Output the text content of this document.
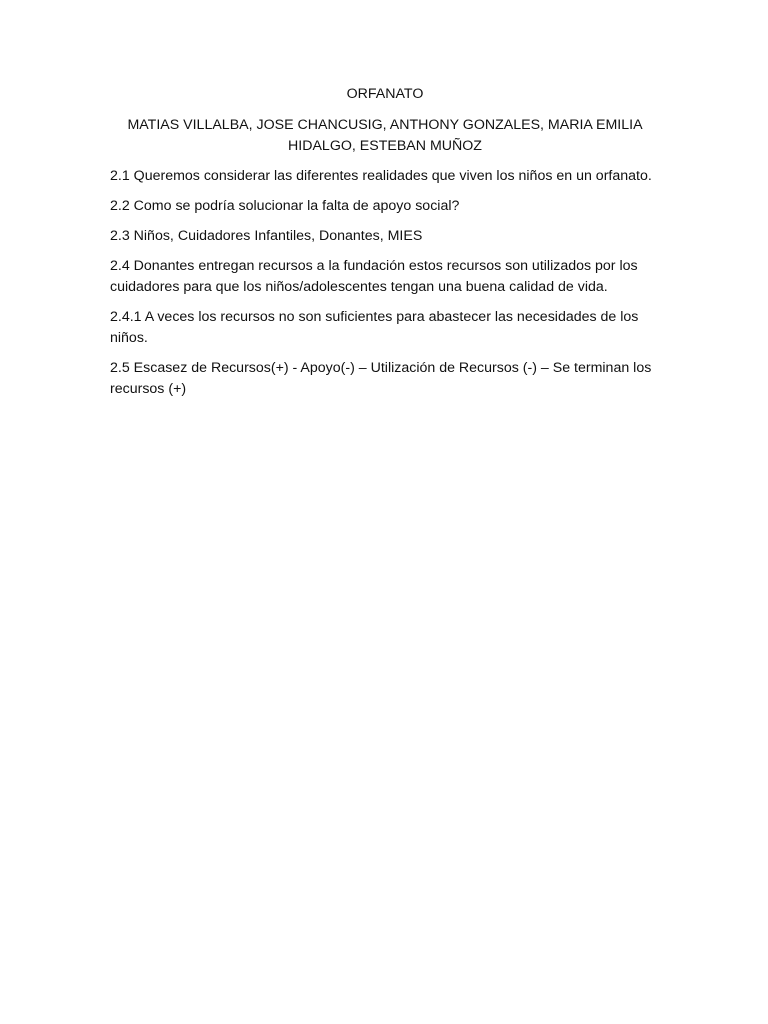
ORFANATO

MATIAS VILLALBA, JOSE CHANCUSIG, ANTHONY GONZALES, MARIA EMILIA HIDALGO, ESTEBAN MUÑOZ

2.1 Queremos considerar las diferentes realidades que viven los niños en un orfanato.

2.2 Como se podría solucionar la falta de apoyo social?

2.3 Niños, Cuidadores Infantiles, Donantes, MIES

2.4 Donantes entregan recursos a la fundación estos recursos son utilizados por los cuidadores para que los niños/adolescentes tengan una buena calidad de vida.

2.4.1 A veces los recursos no son suficientes para abastecer las necesidades de los niños.

2.5 Escasez de Recursos(+) - Apoyo(-) – Utilización de Recursos (-) – Se terminan los recursos (+)
